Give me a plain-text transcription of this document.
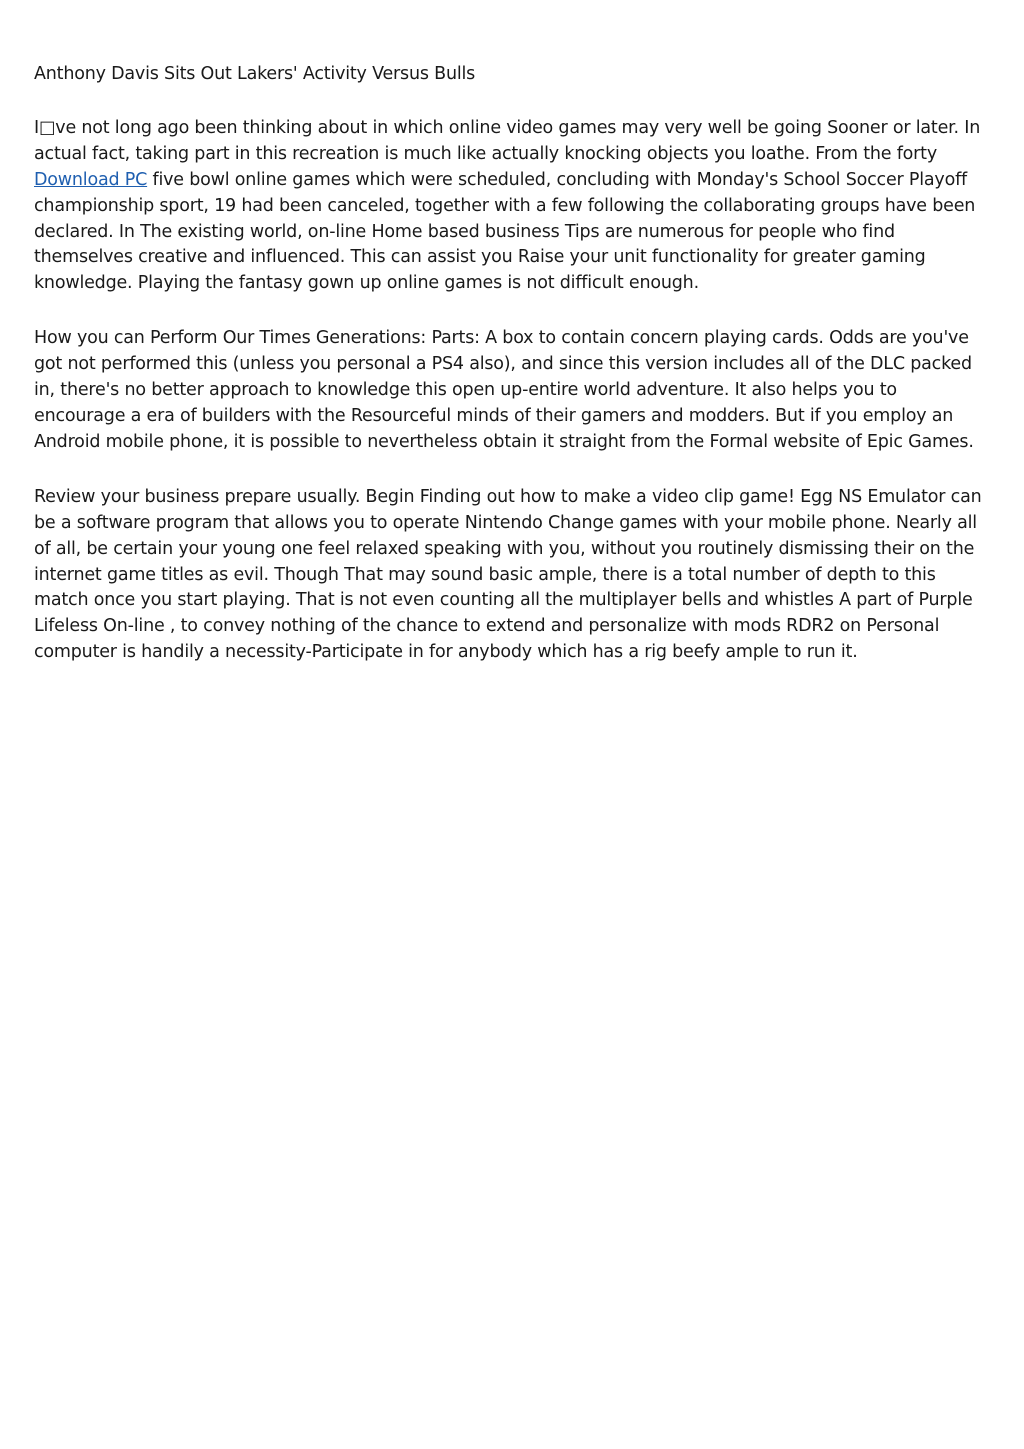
Anthony Davis Sits Out Lakers' Activity Versus Bulls

I□ve not long ago been thinking about in which online video games may very well be going Sooner or later. In actual fact, taking part in this recreation is much like actually knocking objects you loathe. From the forty Download PC five bowl online games which were scheduled, concluding with Monday's School Soccer Playoff championship sport, 19 had been canceled, together with a few following the collaborating groups have been declared. In The existing world, on-line Home based business Tips are numerous for people who find themselves creative and influenced. This can assist you Raise your unit functionality for greater gaming knowledge. Playing the fantasy gown up online games is not difficult enough.

How you can Perform Our Times Generations: Parts: A box to contain concern playing cards. Odds are you've got not performed this (unless you personal a PS4 also), and since this version includes all of the DLC packed in, there's no better approach to knowledge this open up-entire world adventure. It also helps you to encourage a era of builders with the Resourceful minds of their gamers and modders. But if you employ an Android mobile phone, it is possible to nevertheless obtain it straight from the Formal website of Epic Games.

Review your business prepare usually. Begin Finding out how to make a video clip game! Egg NS Emulator can be a software program that allows you to operate Nintendo Change games with your mobile phone. Nearly all of all, be certain your young one feel relaxed speaking with you, without you routinely dismissing their on the internet game titles as evil. Though That may sound basic ample, there is a total number of depth to this match once you start playing. That is not even counting all the multiplayer bells and whistles A part of Purple Lifeless On-line , to convey nothing of the chance to extend and personalize with mods RDR2 on Personal computer is handily a necessity-Participate in for anybody which has a rig beefy ample to run it.
